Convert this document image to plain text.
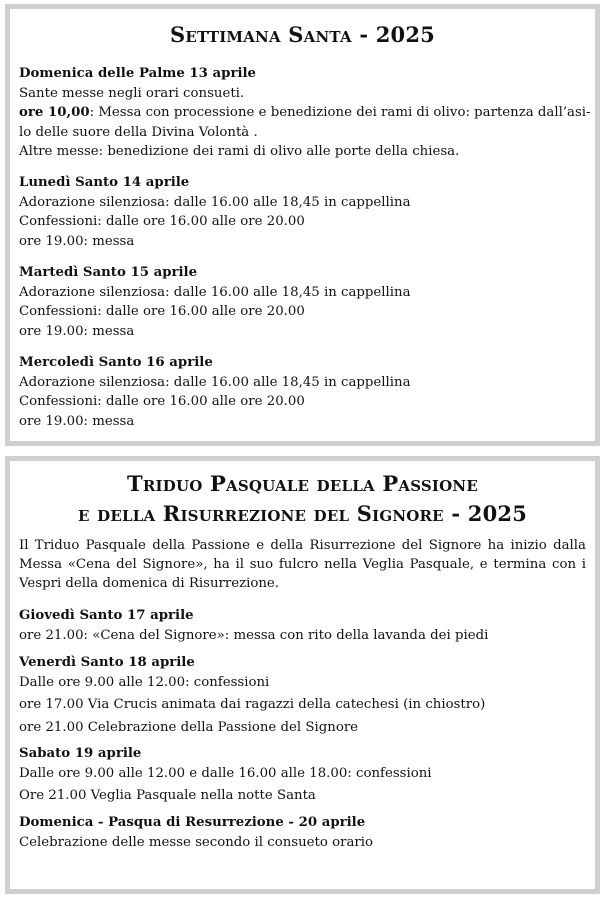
Settimana Santa - 2025

Domenica delle Palme 13 aprile

Sante messe negli orari consueti.

ore 10,00: Messa con processione e benedizione dei rami di olivo: partenza dall’asi-

lo delle suore della Divina Volontà .

Altre messe: benedizione dei rami di olivo alle porte della chiesa.

Lunedì Santo 14 aprile

Adorazione silenziosa: dalle 16.00 alle 18,45 in cappellina

Confessioni: dalle ore 16.00 alle ore 20.00

ore 19.00: messa

Martedì Santo 15 aprile

Adorazione silenziosa: dalle 16.00 alle 18,45 in cappellina

Confessioni: dalle ore 16.00 alle ore 20.00

ore 19.00: messa

Mercoledì Santo 16 aprile

Adorazione silenziosa: dalle 16.00 alle 18,45 in cappellina

Confessioni: dalle ore 16.00 alle ore 20.00

ore 19.00: messa

Triduo Pasquale della Passione
e della Risurrezione del Signore - 2025

Il Triduo Pasquale della Passione e della Risurrezione del Signore ha inizio dalla Messa «Cena del Signore», ha il suo fulcro nella Veglia Pasquale, e termina con i Vespri della domenica di Risurrezione.

Giovedì Santo 17 aprile

ore 21.00: «Cena del Signore»: messa con rito della lavanda dei piedi

Venerdì Santo 18 aprile

Dalle ore 9.00 alle 12.00: confessioni

ore 17.00 Via Crucis animata dai ragazzi della catechesi (in chiostro)

ore 21.00 Celebrazione della Passione del Signore

Sabato 19 aprile

Dalle ore 9.00 alle 12.00 e dalle 16.00 alle 18.00: confessioni

Ore 21.00 Veglia Pasquale nella notte Santa

Domenica - Pasqua di Resurrezione - 20 aprile

Celebrazione delle messe secondo il consueto orario
